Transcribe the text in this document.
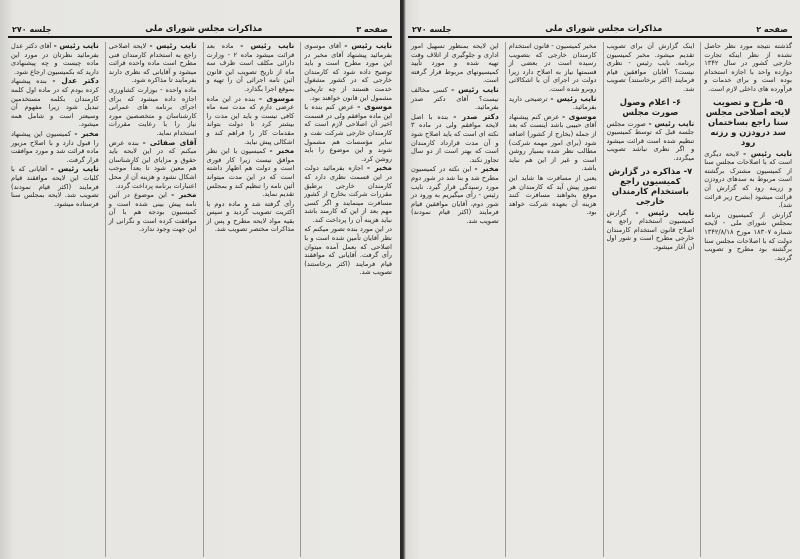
صفحه ۳
مذاکرات مجلس شورای ملی
جلسه ۲۷۰

نایب رئیس - آقای موسوی بفرمائید پیشنهاد آقای مخبر در این مورد مطرح است و باید توضیح داده شود که کارمندان خارجی که در کشور مشغول خدمت هستند از چه تاریخی مشمول این قانون خواهند بود.

موسوی - عرض کنم بنده با این ماده موافقم ولی در قسمت اخیر آن اصلاحی لازم است که کارمندان خارجی شرکت نفت و سایر مؤسسات هم مشمول شوند و این موضوع را باید روشن کرد.

مخبر - اجازه بفرمائید دولت در این قسمت نظری دارد که کارمندان خارجی برطبق مقررات شرکت بخارج از کشور مسافرت مینمایند و اگر کسی مهم بعد از این که کارمند باشد نباید هزینه آن را پرداخت کند.

در این مورد بنده تصور میکنم که نظر آقایان تأمین شده است و با اصلاحی که بعمل آمده میتوان رأی گرفت. آقایانی که موافقند قیام فرمایند (اکثر برخاستند) تصویب شد.

نایب رئیس - ماده بعد قرائت میشود ماده ۲ - وزارت دارائی مکلف است ظرف سه ماه از تاریخ تصویب این قانون آئین نامه اجرائی آن را تهیه و بموقع اجرا بگذارد.

موسوی - بنده در این ماده عرضی دارم که مدت سه ماه کافی نیست و باید این مدت را بیشتر کرد تا دولت بتواند مقدمات کار را فراهم کند و اشکالی پیش نیاید.

مخبر - کمیسیون با این نظر موافق نیست زیرا کار فوری است و دولت هم اظهار داشته است که در این مدت میتواند آئین نامه را تنظیم کند و بمجلس تقدیم نماید.

رأی گرفته شد و ماده دوم با اکثریت تصویب گردید و سپس بقیه مواد لایحه مطرح و پس از مذاکرات مختصر تصویب شد.

نایب رئیس - لایحه اصلاحی راجع به استخدام کارمندان فنی مطرح است ماده واحده قرائت میشود و آقایانی که نظری دارند بفرمایند تا مذاکره شود.

ماده واحده - بوزارت کشاورزی اجازه داده میشود که برای اجرای برنامه های عمرانی کارشناسان و متخصصین مورد نیاز را با رعایت مقررات استخدام نماید.

آقای صفائی - بنده عرض میکنم که در این لایحه باید حقوق و مزایای این کارشناسان هم معین شود تا بعداً موجب اشکال نشود و هزینه آن از محل اعتبارات برنامه پرداخت گردد.

مخبر - این موضوع در آئین نامه پیش بینی شده است و کمیسیون بودجه هم با آن موافقت کرده است و نگرانی از این جهت وجود ندارد.

نایب رئیس - آقای دکتر عدل بفرمائید نظرتان در مورد این ماده چیست و چه پیشنهادی دارید که بکمیسیون ارجاع شود.

دکتر عدل - بنده پیشنهاد کرده بودم که در ماده اول کلمه کارمندان بکلمه مستخدمین تبدیل شود زیرا مفهوم آن وسیعتر است و شامل همه میشود.

مخبر - کمیسیون این پیشنهاد را قبول دارد و با اصلاح مزبور ماده قرائت شد و مورد موافقت قرار گرفت.

نایب رئیس - آقایانی که با کلیات این لایحه موافقند قیام فرمایند (اکثر قیام نمودند) تصویب شد. لایحه بمجلس سنا فرستاده میشود.

صفحه ۲
مذاکرات مجلس شورای ملی
جلسه ۲۷۰

گذشته نتیجه مورد نظر حاصل نشده از نظر اینکه تجارت خارجی کشور در سال ۱۳۴۲ دوازده واحد با اجازه استخدام بوده است و برای خدمات و فرآورده های داخلی لازم است.

۵- طرح و تصویب لایحه اصلاحی مجلس سنا راجع بساختمان سد درودزن و رزنه رود

نایب رئیس - لایحه دیگری است که با اصلاحات مجلس سنا از کمیسیون مشترک برگشته است مربوط به سدهای درودزن و زرینه رود که گزارش آن قرائت میشود (بشرح زیر قرائت شد).

گزارش از کمیسیون برنامه بمجلس شورای ملی - لایحه شماره ۱۸۳۰۷ مورخ ۱۳۴۲/۸/۱۸ دولت که با اصلاحات مجلس سنا برگشته بود مطرح و تصویب گردید.

اینک گزارش آن برای تصویب تقدیم میشود. مخبر کمیسیون برنامه. نایب رئیس - نظری نیست؟ آقایان موافقین قیام فرمایند (اکثر برخاستند) تصویب شد.

۶- اعلام وصول صورت مجلس

نایب رئیس - صورت مجلس جلسه قبل که توسط کمیسیون تنظیم شده است قرائت میشود و اگر نظری نباشد تصویب میگردد.

۷- مذاکره در گزارش کمیسیون راجع باستخدام کارمندان خارجی

نایب رئیس - گزارش کمیسیون استخدام راجع به اصلاح قانون استخدام کارمندان خارجی مطرح است و شور اول آن آغاز میشود.

مخبر کمیسیون - قانون استخدام کارمندان خارجی که بتصویب رسیده است در بعضی از قسمتها نیاز به اصلاح دارد زیرا دولت در اجرای آن با اشکالاتی روبرو شده است.

نایب رئیس - ترضیحی دارید بفرمائید.

موسوی - عرض کنم پیشنهاد آقای حبیبی باشد اینست که بعد از جمله (بخارج از کشور) اضافه شود (برای امور مهمه شرکت) مطالب نظر شده بسیار روشن است و غیر از این هم نباید باشد.

یعنی از مسافرت ها شاید این تصور پیش آید که کارمندان هر موقع بخواهند مسافرت کنند هزینه آن بعهده شرکت خواهد بود.

این لایحه بمنظور تسهیل امور اداری و جلوگیری از اتلاف وقت تهیه شده و مورد تأیید کمیسیونهای مربوط قرار گرفته است.

نایب رئیس - کسی مخالف نیست؟ آقای دکتر صدر بفرمائید.

دکتر صدر - بنده با اصل لایحه موافقم ولی در ماده ۳ نکته ای است که باید اصلاح شود و آن مدت قرارداد کارمندان است که بهتر است از دو سال تجاوز نکند.

مخبر - این نکته در کمیسیون مطرح شد و بنا شد در شور دوم مورد رسیدگی قرار گیرد. نایب رئیس - رأی میگیریم به ورود در شور دوم، آقایان موافقین قیام فرمایند (اکثر قیام نمودند) تصویب شد.
